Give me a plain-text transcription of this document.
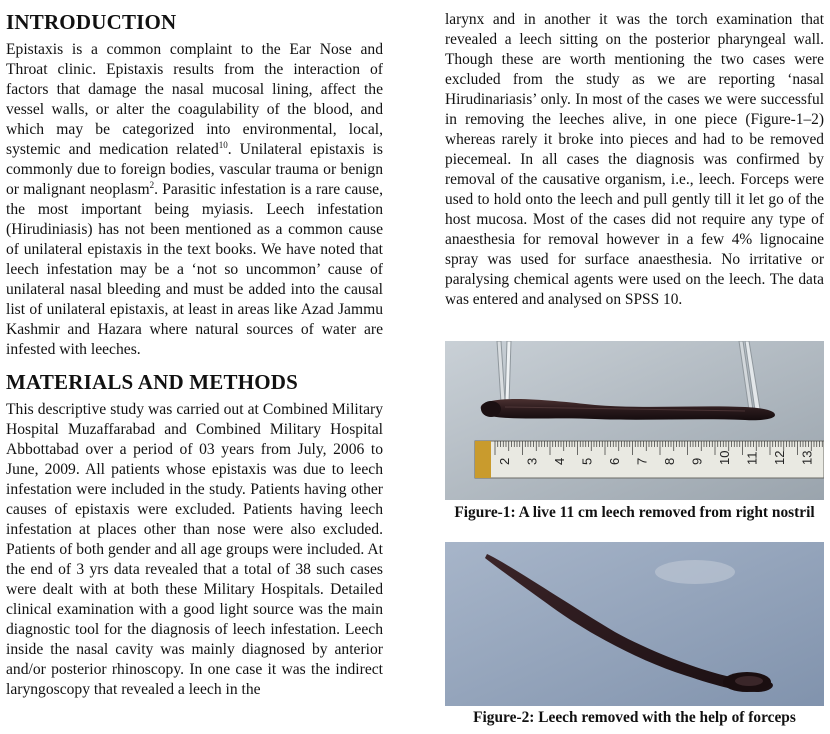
INTRODUCTION

Epistaxis is a common complaint to the Ear Nose and Throat clinic. Epistaxis results from the interaction of factors that damage the nasal mucosal lining, affect the vessel walls, or alter the coagulability of the blood, and which may be categorized into environmental, local, systemic and medication related$^{10}$. Unilateral epistaxis is commonly due to foreign bodies, vascular trauma or benign or malignant neoplasm$^2$. Parasitic infestation is a rare cause, the most important being myiasis. Leech infestation (Hirudiniasis) has not been mentioned as a common cause of unilateral epistaxis in the text books. We have noted that leech infestation may be a ‘not so uncommon’ cause of unilateral nasal bleeding and must be added into the causal list of unilateral epistaxis, at least in areas like Azad Jammu Kashmir and Hazara where natural sources of water are infested with leeches.

MATERIALS AND METHODS

This descriptive study was carried out at Combined Military Hospital Muzaffarabad and Combined Military Hospital Abbottabad over a period of 03 years from July, 2006 to June, 2009. All patients whose epistaxis was due to leech infestation were included in the study. Patients having other causes of epistaxis were excluded. Patients having leech infestation at places other than nose were also excluded. Patients of both gender and all age groups were included. At the end of 3 yrs data revealed that a total of 38 such cases were dealt with at both these Military Hospitals. Detailed clinical examination with a good light source was the main diagnostic tool for the diagnosis of leech infestation. Leech inside the nasal cavity was mainly diagnosed by anterior and/or posterior rhinoscopy. In one case it was the indirect laryngoscopy that revealed a leech in the

larynx and in another it was the torch examination that revealed a leech sitting on the posterior pharyngeal wall. Though these are worth mentioning the two cases were excluded from the study as we are reporting ‘nasal Hirudinariasis’ only. In most of the cases we were successful in removing the leeches alive, in one piece (Figure-1–2) whereas rarely it broke into pieces and had to be removed piecemeal. In all cases the diagnosis was confirmed by removal of the causative organism, i.e., leech. Forceps were used to hold onto the leech and pull gently till it let go of the host mucosa. Most of the cases did not require any type of anaesthesia for removal however in a few 4% lignocaine spray was used for surface anaesthesia. No irritative or paralysing chemical agents were used on the leech. The data was entered and analysed on SPSS 10.

2 3 4 5 6 7 8 9 10 11 12 13
Figure-1: A live 11 cm leech removed from right nostril
Figure-2: Leech removed with the help of forceps
